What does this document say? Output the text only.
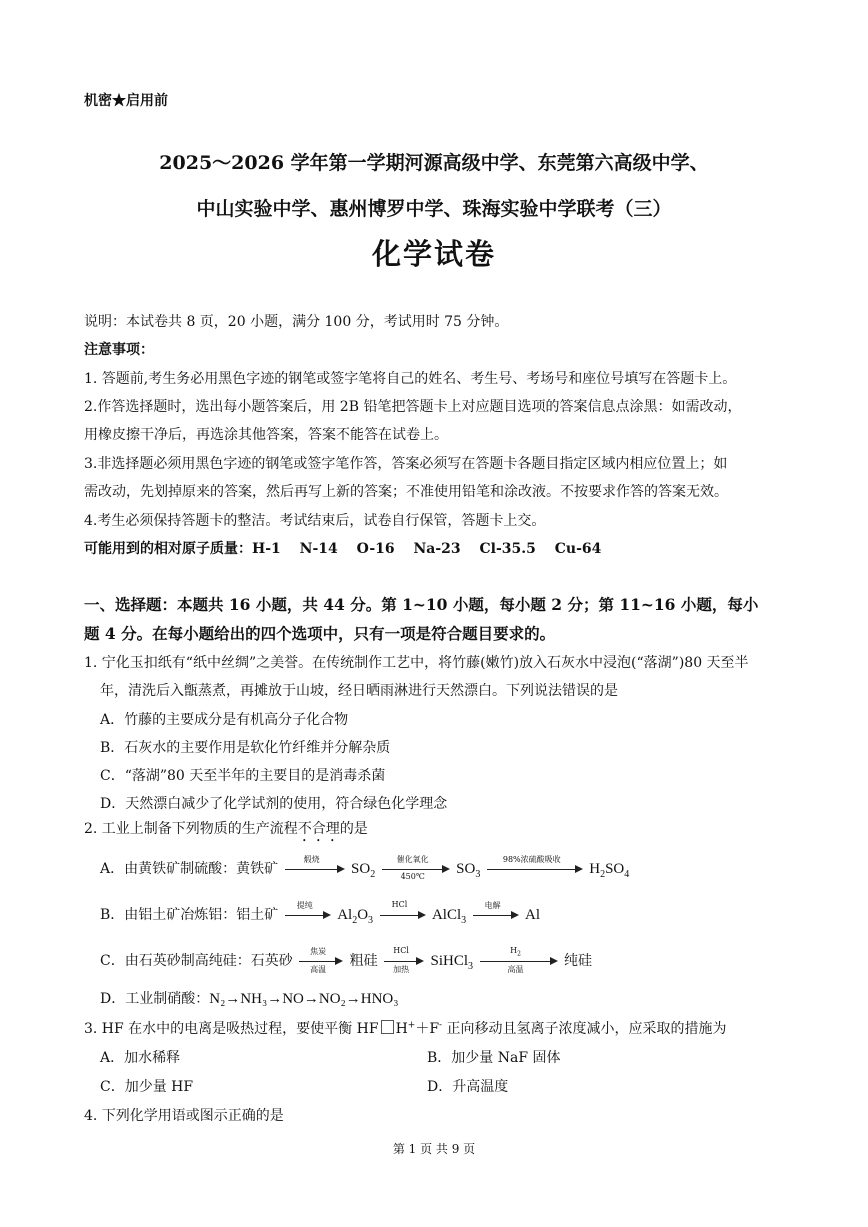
机密★启用前
2025～2026 学年第一学期河源高级中学、东莞第六高级中学、
中山实验中学、惠州博罗中学、珠海实验中学联考（三）
化学试卷
说明：本试卷共 8 页，20 小题，满分 100 分，考试用时 75 分钟。
注意事项：
1. 答题前,考生务必用黑色字迹的钢笔或签字笔将自己的姓名、考生号、考场号和座位号填写在答题卡上。
2.作答选择题时，选出每小题答案后，用 2B 铅笔把答题卡上对应题目选项的答案信息点涂黑：如需改动，
用橡皮擦干净后，再选涂其他答案，答案不能答在试卷上。
3.非选择题必须用黑色字迹的钢笔或签字笔作答，答案必须写在答题卡各题目指定区域内相应位置上；如
需改动，先划掉原来的答案，然后再写上新的答案；不准使用铅笔和涂改液。不按要求作答的答案无效。
4.考生必须保持答题卡的整洁。考试结束后，试卷自行保管，答题卡上交。
可能用到的相对原子质量：H-1　 N-14　 O-16　 Na-23　 Cl-35.5　 Cu-64
一、选择题：本题共 16 小题，共 44 分。第 1~10 小题，每小题 2 分；第 11~16 小题，每小
题 4 分。在每小题给出的四个选项中，只有一项是符合题目要求的。
1. 宁化玉扣纸有“纸中丝绸”之美誉。在传统制作工艺中，将竹藤(嫩竹)放入石灰水中浸泡(“落湖”)80 天至半
年，清洗后入甑蒸煮，再摊放于山坡，经日晒雨淋进行天然漂白。下列说法错误的是
A．竹藤的主要成分是有机高分子化合物
B．石灰水的主要作用是软化竹纤维并分解杂质
C．“落湖”80 天至半年的主要目的是消毒杀菌
D．天然漂白减少了化学试剂的使用，符合绿色化学理念
2. 工业上制备下列物质的生产流程不合理的是
A．由黄铁矿制硫酸：黄铁矿
煅烧
$SO_2$
催化氧化
450℃	$SO_3$
98%浓硫酸吸收
$H_2SO_4$
B．由铝土矿冶炼铝：铝土矿
提纯
$Al_2O_3$
HCl
AlCl$_3$
电解
Al
C．由石英砂制高纯硅：石英砂
焦炭
高温
粗硅
HCl
加热
SiHCl$_3$
$H_2$
高温
纯硅
D．工业制硝酸：N₂→NH₃→NO→NO₂→HNO₃
3. HF 在水中的电离是吸热过程，要使平衡 HF H+＋F- 正向移动且氢离子浓度减小，应采取的措施为
A．加水稀释	B．加少量 NaF 固体
C．加少量 HF	D．升高温度
4. 下列化学用语或图示正确的是
第 1 页 共 9 页
